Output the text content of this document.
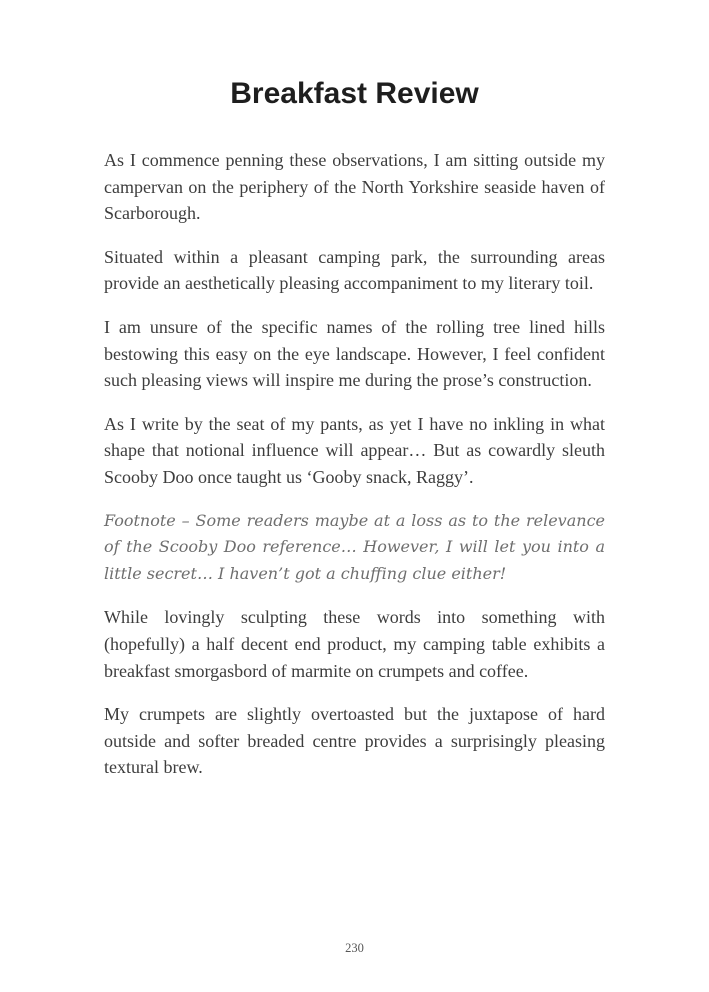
Breakfast Review

As I commence penning these observations, I am sitting outside my campervan on the periphery of the North Yorkshire seaside haven of Scarborough.

Situated within a pleasant camping park, the surrounding areas provide an aesthetically pleasing accompaniment to my literary toil.

I am unsure of the specific names of the rolling tree lined hills bestowing this easy on the eye landscape. However, I feel confident such pleasing views will inspire me during the prose’s construction.

As I write by the seat of my pants, as yet I have no inkling in what shape that notional influence will appear… But as cowardly sleuth Scooby Doo once taught us ‘Gooby snack, Raggy’.

Footnote – Some readers maybe at a loss as to the relevance of the Scooby Doo reference… However, I will let you into a little secret… I haven’t got a chuffing clue either!

While lovingly sculpting these words into something with (hopefully) a half decent end product, my camping table exhibits a breakfast smorgasbord of marmite on crumpets and coffee.

My crumpets are slightly overtoasted but the juxtapose of hard outside and softer breaded centre provides a surprisingly pleasing textural brew.

230
